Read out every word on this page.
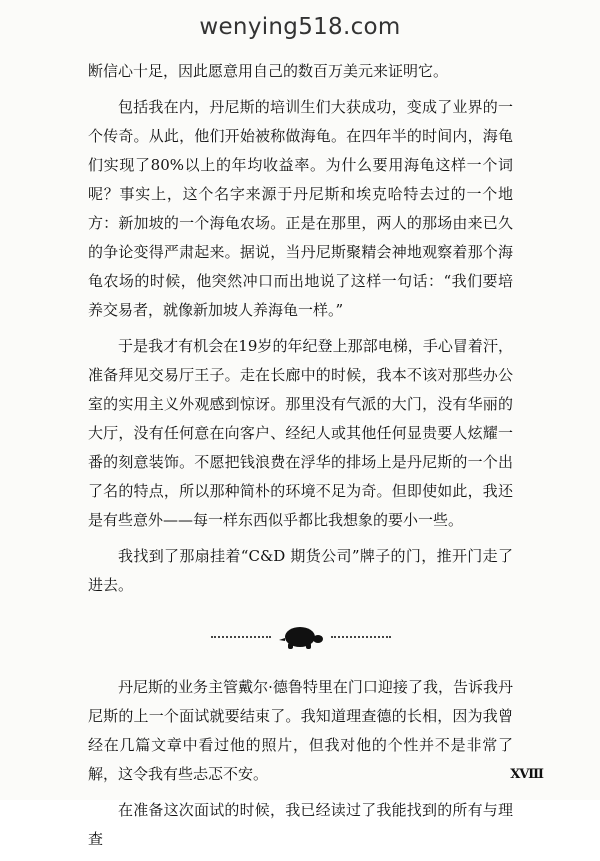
wenying518.com

断信心十足，因此愿意用自己的数百万美元来证明它。

包括我在内，丹尼斯的培训生们大获成功，变成了业界的一个传奇。从此，他们开始被称做海龟。在四年半的时间内，海龟们实现了80%以上的年均收益率。为什么要用海龟这样一个词呢？事实上，这个名字来源于丹尼斯和埃克哈特去过的一个地方：新加坡的一个海龟农场。正是在那里，两人的那场由来已久的争论变得严肃起来。据说，当丹尼斯聚精会神地观察着那个海龟农场的时候，他突然冲口而出地说了这样一句话：“我们要培养交易者，就像新加坡人养海龟一样。”

于是我才有机会在19岁的年纪登上那部电梯，手心冒着汗，准备拜见交易厅王子。走在长廊中的时候，我本不该对那些办公室的实用主义外观感到惊讶。那里没有气派的大门，没有华丽的大厅，没有任何意在向客户、经纪人或其他任何显贵要人炫耀一番的刻意装饰。不愿把钱浪费在浮华的排场上是丹尼斯的一个出了名的特点，所以那种简朴的环境不足为奇。但即使如此，我还是有些意外——每一样东西似乎都比我想象的要小一些。

我找到了那扇挂着“C&D 期货公司”牌子的门，推开门走了进去。

丹尼斯的业务主管戴尔·德鲁特里在门口迎接了我，告诉我丹尼斯的上一个面试就要结束了。我知道理查德的长相，因为我曾经在几篇文章中看过他的照片，但我对他的个性并不是非常了解，这令我有些忐忑不安。

在准备这次面试的时候，我已经读过了我能找到的所有与理查

XⅧ
